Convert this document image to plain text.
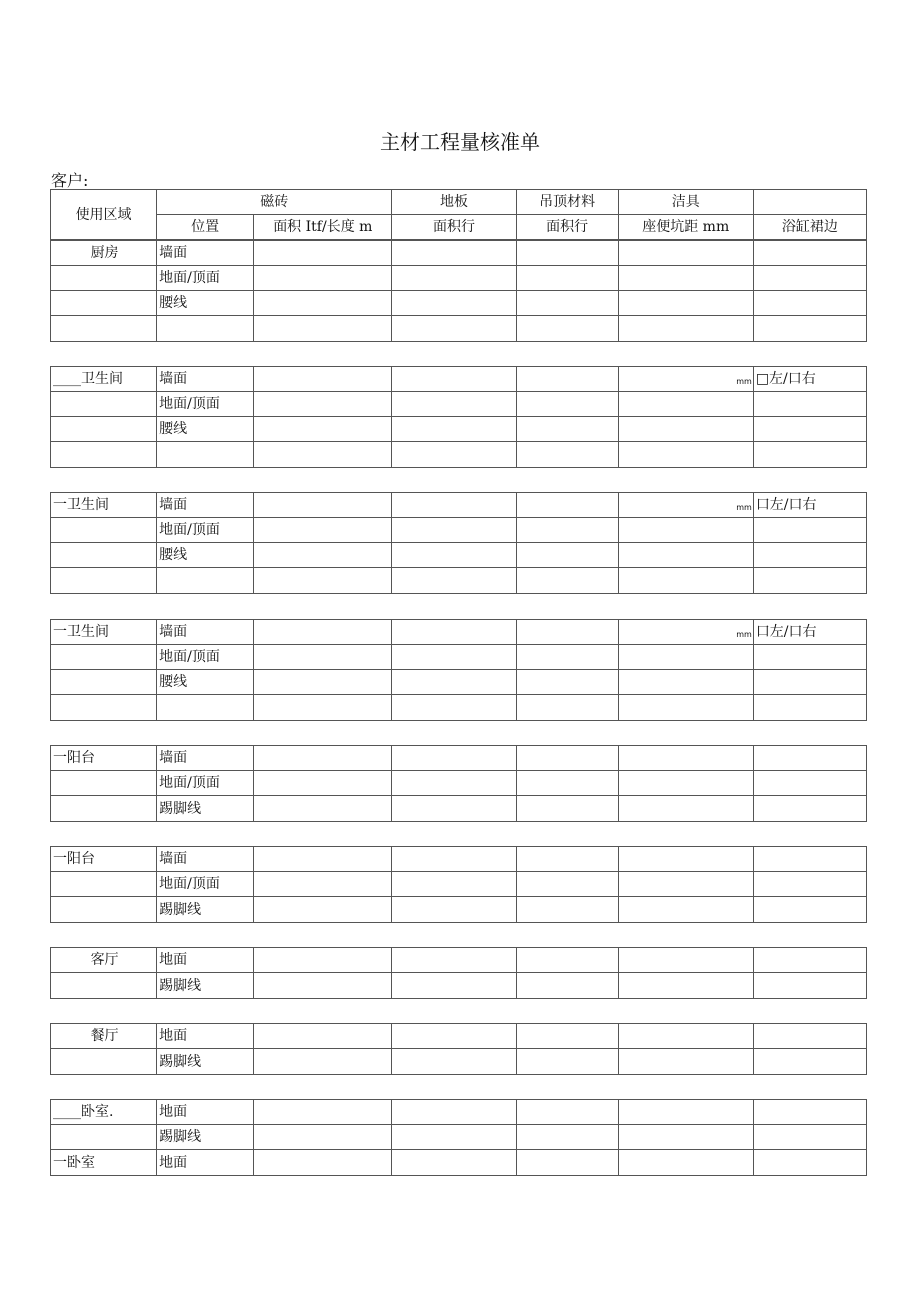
主材工程量核准单
客户:
使用区域	磁砖		地板	吊顶材料	洁具	
	位置	面积 Itf/长度 m	面积行	面积行	座便坑距 mm	浴缸裙边
厨房	墙面					
	地面/顶面					
	腰线					

____卫生间	墙面				mm	□左/口右
	地面/顶面					
	腰线					

一卫生间	墙面				mm	口左/口右
	地面/顶面					
	腰线					

一卫生间	墙面				mm	口左/口右
	地面/顶面					
	腰线					

一阳台	墙面					
	地面/顶面					
	踢脚线					
一阳台	墙面					
	地面/顶面					
	踢脚线					
客厅	地面					
	踢脚线					
餐厅	地面					
	踢脚线					
____卧室.	地面					
	踢脚线					
一卧室	地面					
